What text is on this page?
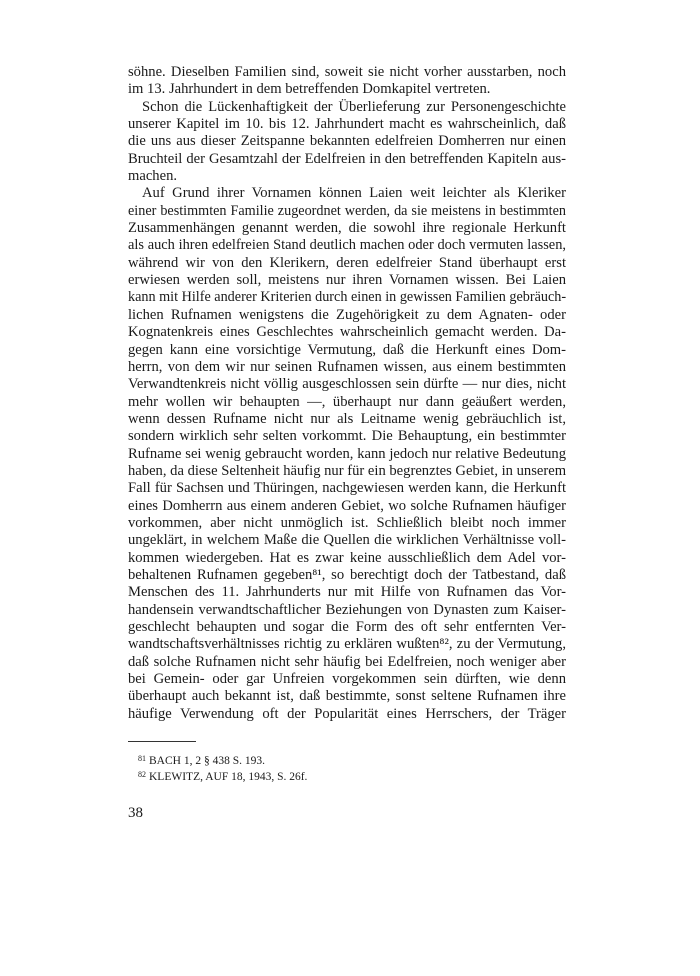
söhne. Dieselben Familien sind, soweit sie nicht vorher ausstarben, noch
im 13. Jahrhundert in dem betreffenden Domkapitel vertreten.
Schon die Lückenhaftigkeit der Überlieferung zur Personengeschichte
unserer Kapitel im 10. bis 12. Jahrhundert macht es wahrscheinlich, daß
die uns aus dieser Zeitspanne bekannten edelfreien Domherren nur einen
Bruchteil der Gesamtzahl der Edelfreien in den betreffenden Kapiteln aus-
machen.
Auf Grund ihrer Vornamen können Laien weit leichter als Kleriker
einer bestimmten Familie zugeordnet werden, da sie meistens in bestimmten
Zusammenhängen genannt werden, die sowohl ihre regionale Herkunft
als auch ihren edelfreien Stand deutlich machen oder doch vermuten lassen,
während wir von den Klerikern, deren edelfreier Stand überhaupt erst
erwiesen werden soll, meistens nur ihren Vornamen wissen. Bei Laien
kann mit Hilfe anderer Kriterien durch einen in gewissen Familien gebräuch-
lichen Rufnamen wenigstens die Zugehörigkeit zu dem Agnaten- oder
Kognatenkreis eines Geschlechtes wahrscheinlich gemacht werden. Da-
gegen kann eine vorsichtige Vermutung, daß die Herkunft eines Dom-
herrn, von dem wir nur seinen Rufnamen wissen, aus einem bestimmten
Verwandtenkreis nicht völlig ausgeschlossen sein dürfte — nur dies, nicht
mehr wollen wir behaupten —, überhaupt nur dann geäußert werden,
wenn dessen Rufname nicht nur als Leitname wenig gebräuchlich ist,
sondern wirklich sehr selten vorkommt. Die Behauptung, ein bestimmter
Rufname sei wenig gebraucht worden, kann jedoch nur relative Bedeutung
haben, da diese Seltenheit häufig nur für ein begrenztes Gebiet, in unserem
Fall für Sachsen und Thüringen, nachgewiesen werden kann, die Herkunft
eines Domherrn aus einem anderen Gebiet, wo solche Rufnamen häufiger
vorkommen, aber nicht unmöglich ist. Schließlich bleibt noch immer
ungeklärt, in welchem Maße die Quellen die wirklichen Verhältnisse voll-
kommen wiedergeben. Hat es zwar keine ausschließlich dem Adel vor-
behaltenen Rufnamen gegeben⁸¹, so berechtigt doch der Tatbestand, daß
Menschen des 11. Jahrhunderts nur mit Hilfe von Rufnamen das Vor-
handensein verwandtschaftlicher Beziehungen von Dynasten zum Kaiser-
geschlecht behaupten und sogar die Form des oft sehr entfernten Ver-
wandtschaftsverhältnisses richtig zu erklären wußten⁸², zu der Vermutung,
daß solche Rufnamen nicht sehr häufig bei Edelfreien, noch weniger aber
bei Gemein- oder gar Unfreien vorgekommen sein dürften, wie denn
überhaupt auch bekannt ist, daß bestimmte, sonst seltene Rufnamen ihre
häufige Verwendung oft der Popularität eines Herrschers, der Träger
$^{81}$ BACH 1, 2 § 438 S. 193.
$^{82}$ KLEWITZ, AUF 18, 1943, S. 26f.
38
